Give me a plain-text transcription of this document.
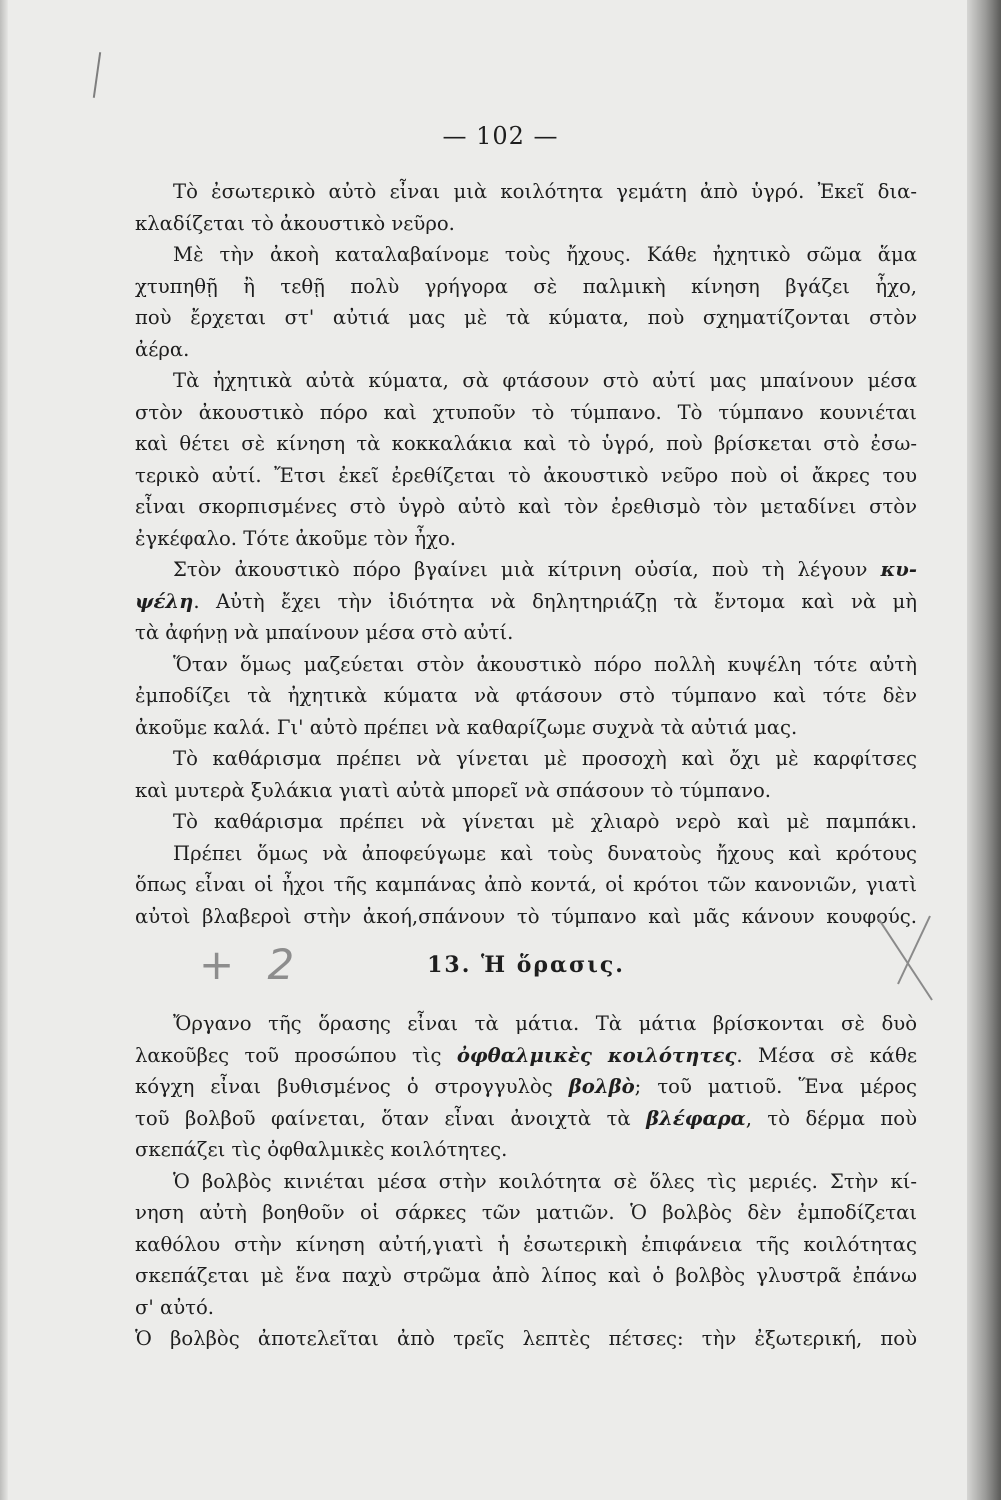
— 102 —
Τὸ ἐσωτερικὸ αὐτὸ εἶναι μιὰ κοιλότητα γεμάτη ἀπὸ ὑγρό. Ἐκεῖ δια-
κλαδίζεται τὸ ἀκουστικὸ νεῦρο.
Μὲ τὴν ἀκοὴ καταλαβαίνομε τοὺς ἤχους. Κάθε ἠχητικὸ σῶμα ἅμα
χτυπηθῇ ἢ τεθῇ πολὺ γρήγορα σὲ παλμικὴ κίνηση βγάζει ἦχο,
ποὺ ἔρχεται στ' αὐτιά μας μὲ τὰ κύματα, ποὺ σχηματίζονται στὸν
ἀέρα.
Τὰ ἠχητικὰ αὐτὰ κύματα, σὰ φτάσουν στὸ αὐτί μας μπαίνουν μέσα
στὸν ἀκουστικὸ πόρο καὶ χτυποῦν τὸ τύμπανο. Τὸ τύμπανο κουνιέται
καὶ θέτει σὲ κίνηση τὰ κοκκαλάκια καὶ τὸ ὑγρό, ποὺ βρίσκεται στὸ ἐσω-
τερικὸ αὐτί. Ἔτσι ἐκεῖ ἐρεθίζεται τὸ ἀκουστικὸ νεῦρο ποὺ οἱ ἄκρες του
εἶναι σκορπισμένες στὸ ὑγρὸ αὐτὸ καὶ τὸν ἐρεθισμὸ τὸν μεταδίνει στὸν
ἐγκέφαλο. Τότε ἀκοῦμε τὸν ἦχο.
Στὸν ἀκουστικὸ πόρο βγαίνει μιὰ κίτρινη οὐσία, ποὺ τὴ λέγουν κυ-
ψέλη. Αὐτὴ ἔχει τὴν ἰδιότητα νὰ δηλητηριάζῃ τὰ ἔντομα καὶ νὰ μὴ
τὰ ἀφήνῃ νὰ μπαίνουν μέσα στὸ αὐτί.
Ὅταν ὅμως μαζεύεται στὸν ἀκουστικὸ πόρο πολλὴ κυψέλη τότε αὐτὴ
ἐμποδίζει τὰ ἠχητικὰ κύματα νὰ φτάσουν στὸ τύμπανο καὶ τότε δὲν
ἀκοῦμε καλά. Γι' αὐτὸ πρέπει νὰ καθαρίζωμε συχνὰ τὰ αὐτιά μας.
Τὸ καθάρισμα πρέπει νὰ γίνεται μὲ προσοχὴ καὶ ὄχι μὲ καρφίτσες
καὶ μυτερὰ ξυλάκια γιατὶ αὐτὰ μπορεῖ νὰ σπάσουν τὸ τύμπανο.
Τὸ καθάρισμα πρέπει νὰ γίνεται μὲ χλιαρὸ νερὸ καὶ μὲ παμπάκι.
Πρέπει ὅμως νὰ ἀποφεύγωμε καὶ τοὺς δυνατοὺς ἤχους καὶ κρότους
ὅπως εἶναι οἱ ἦχοι τῆς καμπάνας ἀπὸ κοντά, οἱ κρότοι τῶν κανονιῶν, γιατὶ
αὐτοὶ βλαβεροὶ στὴν ἀκοή,σπάνουν τὸ τύμπανο καὶ μᾶς κάνουν κουφούς.
+ 2	13. Ἡ ὅρασις.
Ὄργανο τῆς ὅρασης εἶναι τὰ μάτια. Τὰ μάτια βρίσκονται σὲ δυὸ
λακοῦβες τοῦ προσώπου τὶς ὀφθαλμικὲς κοιλότητες. Μέσα σὲ κάθε
κόγχη εἶναι βυθισμένος ὁ στρογγυλὸς βολβὸ; τοῦ ματιοῦ. Ἕνα μέρος
τοῦ βολβοῦ φαίνεται, ὅταν εἶναι ἀνοιχτὰ τὰ βλέφαρα, τὸ δέρμα ποὺ
σκεπάζει τὶς ὀφθαλμικὲς κοιλότητες.
Ὁ βολβὸς κινιέται μέσα στὴν κοιλότητα σὲ ὅλες τὶς μεριές. Στὴν κί-
νηση αὐτὴ βοηθοῦν οἱ σάρκες τῶν ματιῶν. Ὁ βολβὸς δὲν ἐμποδίζεται
καθόλου στὴν κίνηση αὐτή,γιατὶ ἡ ἐσωτερικὴ ἐπιφάνεια τῆς κοιλότητας
σκεπάζεται μὲ ἕνα παχὺ στρῶμα ἀπὸ λίπος καὶ ὁ βολβὸς γλυστρᾶ ἐπάνω
σ' αὐτό.
Ὁ βολβὸς ἀποτελεῖται ἀπὸ τρεῖς λεπτὲς πέτσες: τὴν ἐξωτερική, ποὺ
